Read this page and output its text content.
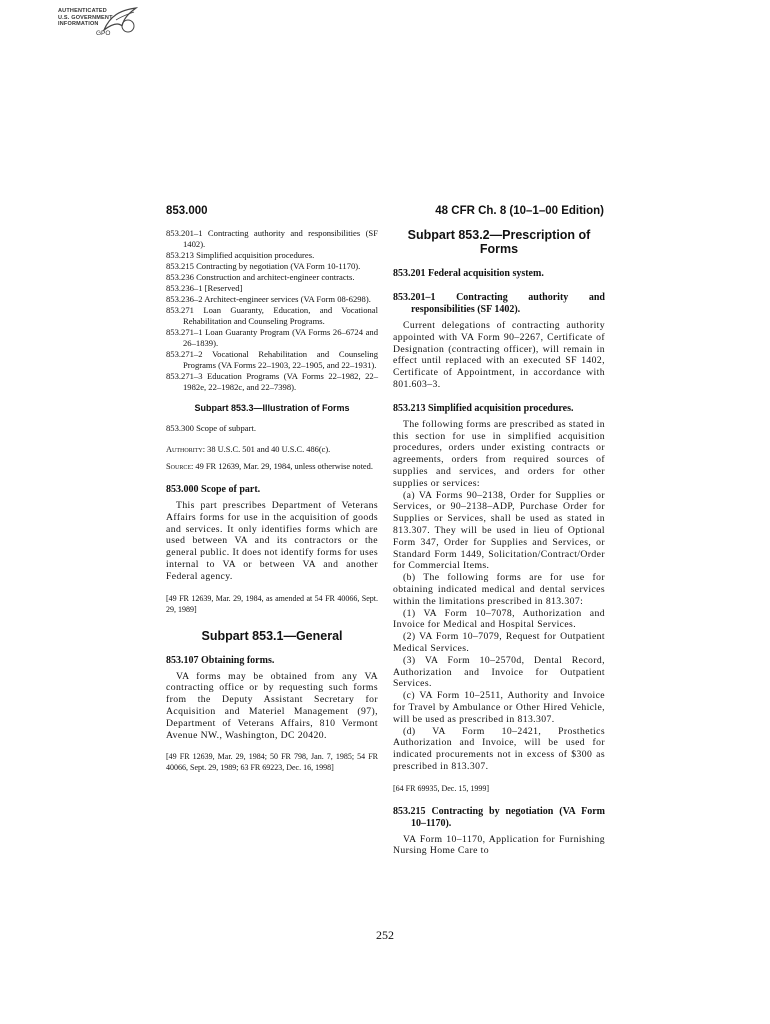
AUTHENTICATED
U.S. GOVERNMENT
INFORMATION
GPO
853.000	48 CFR Ch. 8 (10–1–00 Edition)
853.201–1 Contracting authority and responsibilities (SF 1402).
853.213 Simplified acquisition procedures.
853.215 Contracting by negotiation (VA Form 10-1170).
853.236 Construction and architect-engineer contracts.
853.236–1 [Reserved]
853.236–2 Architect-engineer services (VA Form 08-6298).
853.271 Loan Guaranty, Education, and Vocational Rehabilitation and Counseling Programs.
853.271–1 Loan Guaranty Program (VA Forms 26–6724 and 26–1839).
853.271–2 Vocational Rehabilitation and Counseling Programs (VA Forms 22–1903, 22–1905, and 22–1931).
853.271–3 Education Programs (VA Forms 22–1982, 22–1982e, 22–1982c, and 22–7398).
Subpart 853.3—Illustration of Forms
853.300 Scope of subpart.

Authority: 38 U.S.C. 501 and 40 U.S.C. 486(c).

Source: 49 FR 12639, Mar. 29, 1984, unless otherwise noted.

853.000 Scope of part.

This part prescribes Department of Veterans Affairs forms for use in the acquisition of goods and services. It only identifies forms which are used between VA and its contractors or the general public. It does not identify forms for uses internal to VA or between VA and another Federal agency.

[49 FR 12639, Mar. 29, 1984, as amended at 54 FR 40066, Sept. 29, 1989]
Subpart 853.1—General
853.107 Obtaining forms.

VA forms may be obtained from any VA contracting office or by requesting such forms from the Deputy Assistant Secretary for Acquisition and Materiel Management (97), Department of Veterans Affairs, 810 Vermont Avenue NW., Washington, DC 20420.

[49 FR 12639, Mar. 29, 1984; 50 FR 798, Jan. 7, 1985; 54 FR 40066, Sept. 29, 1989; 63 FR 69223, Dec. 16, 1998]
Subpart 853.2—Prescription of Forms
853.201 Federal acquisition system.
853.201–1 Contracting authority and responsibilities (SF 1402).

Current delegations of contracting authority appointed with VA Form 90–2267, Certificate of Designation (contracting officer), will remain in effect until replaced with an executed SF 1402, Certificate of Appointment, in accordance with 801.603–3.

853.213 Simplified acquisition procedures.

The following forms are prescribed as stated in this section for use in simplified acquisition procedures, orders under existing contracts or agreements, orders from required sources of supplies and services, and orders for other supplies or services:

(a) VA Forms 90–2138, Order for Supplies or Services, or 90–2138–ADP, Purchase Order for Supplies or Services, shall be used as stated in 813.307. They will be used in lieu of Optional Form 347, Order for Supplies and Services, or Standard Form 1449, Solicitation/Contract/Order for Commercial Items.

(b) The following forms are for use for obtaining indicated medical and dental services within the limitations prescribed in 813.307:

(1) VA Form 10–7078, Authorization and Invoice for Medical and Hospital Services.

(2) VA Form 10–7079, Request for Outpatient Medical Services.

(3) VA Form 10–2570d, Dental Record, Authorization and Invoice for Outpatient Services.

(c) VA Form 10–2511, Authority and Invoice for Travel by Ambulance or Other Hired Vehicle, will be used as prescribed in 813.307.

(d) VA Form 10–2421, Prosthetics Authorization and Invoice, will be used for indicated procurements not in excess of $300 as prescribed in 813.307.

[64 FR 69935, Dec. 15, 1999]
853.215 Contracting by negotiation (VA Form 10–1170).

VA Form 10–1170, Application for Furnishing Nursing Home Care to

252
